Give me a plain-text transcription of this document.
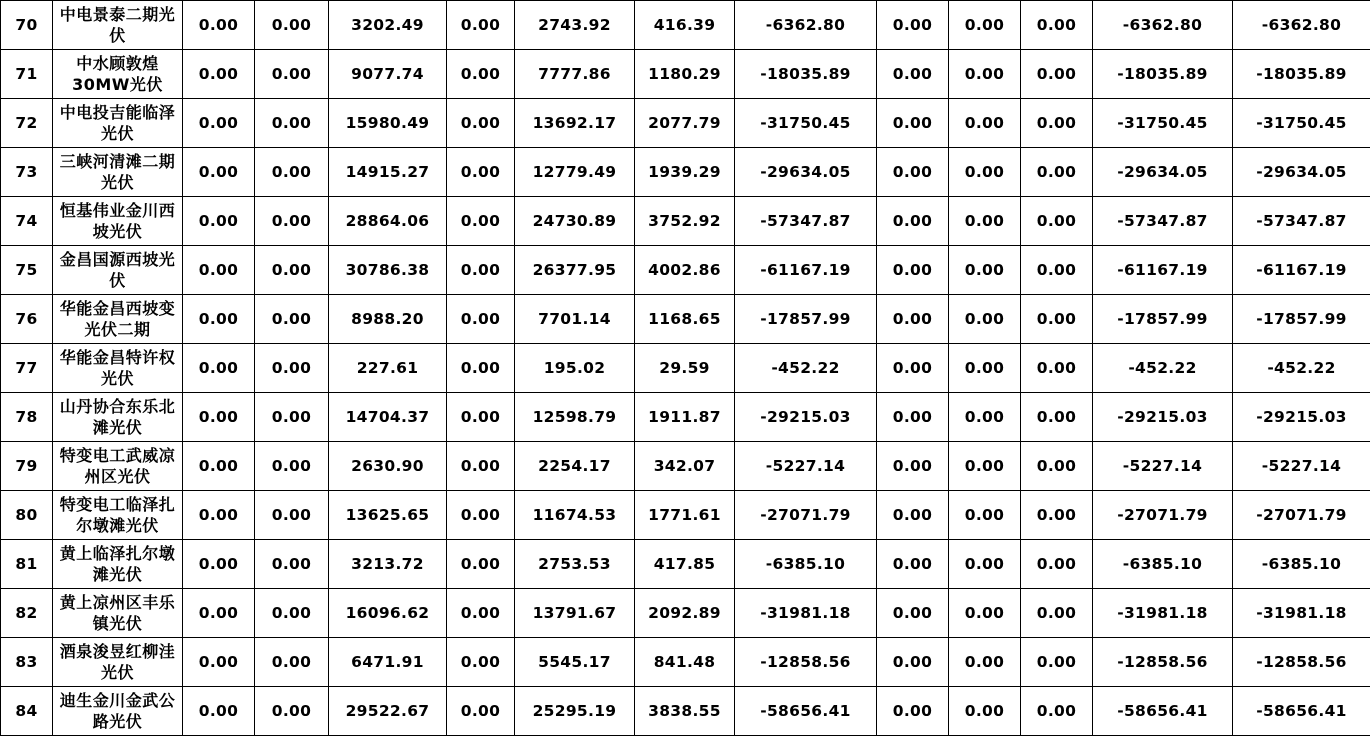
70	中电景泰二期光伏	0.00	0.00	3202.49	0.00	2743.92	416.39	-6362.80	0.00	0.00	0.00	-6362.80	-6362.80
71	中水顾敦煌30MW光伏	0.00	0.00	9077.74	0.00	7777.86	1180.29	-18035.89	0.00	0.00	0.00	-18035.89	-18035.89
72	中电投吉能临泽光伏	0.00	0.00	15980.49	0.00	13692.17	2077.79	-31750.45	0.00	0.00	0.00	-31750.45	-31750.45
73	三峡河清滩二期光伏	0.00	0.00	14915.27	0.00	12779.49	1939.29	-29634.05	0.00	0.00	0.00	-29634.05	-29634.05
74	恒基伟业金川西坡光伏	0.00	0.00	28864.06	0.00	24730.89	3752.92	-57347.87	0.00	0.00	0.00	-57347.87	-57347.87
75	金昌国源西坡光伏	0.00	0.00	30786.38	0.00	26377.95	4002.86	-61167.19	0.00	0.00	0.00	-61167.19	-61167.19
76	华能金昌西坡变光伏二期	0.00	0.00	8988.20	0.00	7701.14	1168.65	-17857.99	0.00	0.00	0.00	-17857.99	-17857.99
77	华能金昌特许权光伏	0.00	0.00	227.61	0.00	195.02	29.59	-452.22	0.00	0.00	0.00	-452.22	-452.22
78	山丹协合东乐北滩光伏	0.00	0.00	14704.37	0.00	12598.79	1911.87	-29215.03	0.00	0.00	0.00	-29215.03	-29215.03
79	特变电工武威凉州区光伏	0.00	0.00	2630.90	0.00	2254.17	342.07	-5227.14	0.00	0.00	0.00	-5227.14	-5227.14
80	特变电工临泽扎尔墩滩光伏	0.00	0.00	13625.65	0.00	11674.53	1771.61	-27071.79	0.00	0.00	0.00	-27071.79	-27071.79
81	黄上临泽扎尔墩滩光伏	0.00	0.00	3213.72	0.00	2753.53	417.85	-6385.10	0.00	0.00	0.00	-6385.10	-6385.10
82	黄上凉州区丰乐镇光伏	0.00	0.00	16096.62	0.00	13791.67	2092.89	-31981.18	0.00	0.00	0.00	-31981.18	-31981.18
83	酒泉浚昱红柳洼光伏	0.00	0.00	6471.91	0.00	5545.17	841.48	-12858.56	0.00	0.00	0.00	-12858.56	-12858.56
84	迪生金川金武公路光伏	0.00	0.00	29522.67	0.00	25295.19	3838.55	-58656.41	0.00	0.00	0.00	-58656.41	-58656.41
